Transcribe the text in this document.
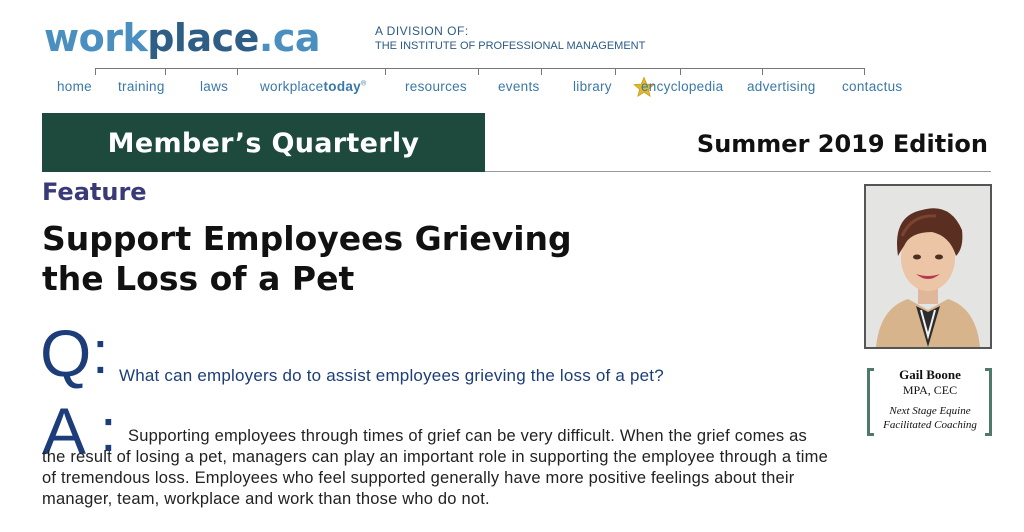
workplace.ca	A DIVISION OF:
THE INSTITUTE OF PROFESSIONAL MANAGEMENT
home training	laws workplacetoday®	resources events library encyclopedia advertising contactus
Member’s Quarterly	Summer 2019 Edition
Feature
Support Employees Grieving
the Loss of a Pet
Q : What can employers do to assist employees grieving the loss of a pet?
A : Supporting employees through times of grief can be very difficult. When the grief comes as the result of losing a pet, managers can play an important role in supporting the employee through a time of tremendous loss. Employees who feel supported generally have more positive feelings about their manager, team, workplace and work than those who do not.
Gail Boone
MPA, CEC
Next Stage Equine
Facilitated Coaching
